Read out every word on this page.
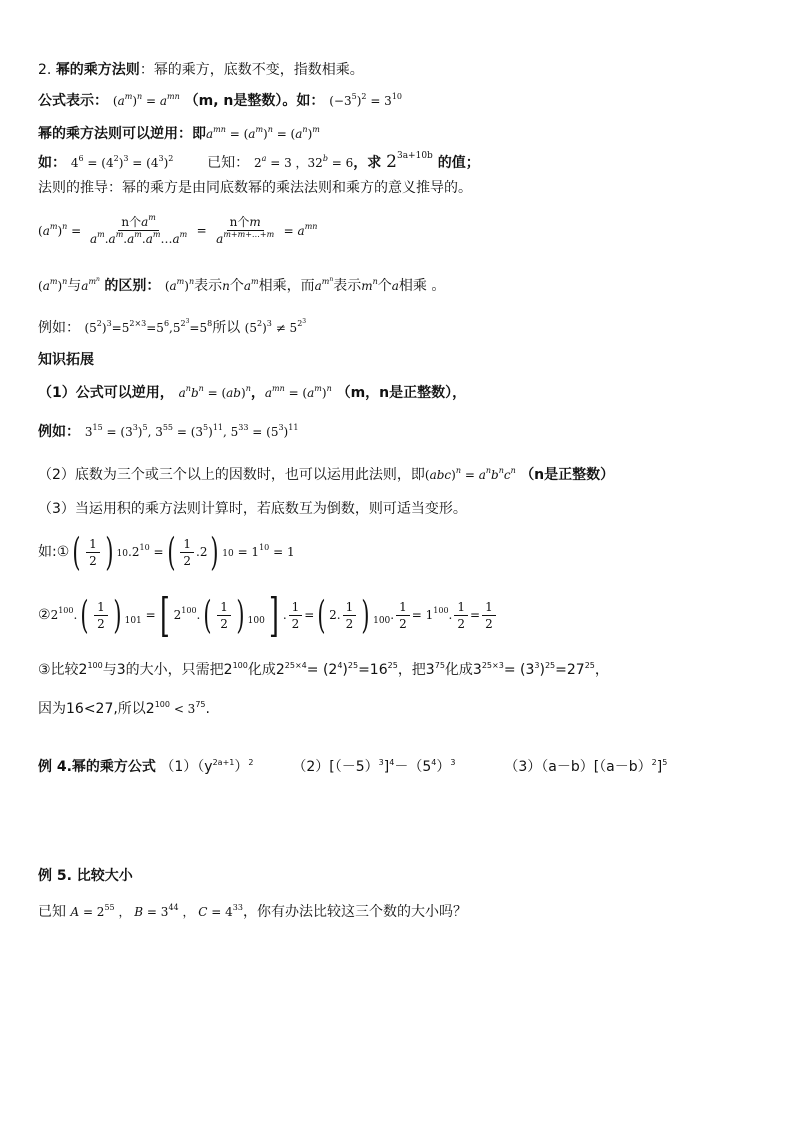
2. 幂的乘方法则：幂的乘方，底数不变，指数相乘。
公式表示： $(a^m)^n = a^{mn}$ （m, n是整数）。如： $(-3^5)^2 = 3^{10}$
幂的乘方法则可以逆用：即$a^{mn} = (a^m)^n = (a^n)^m$
如： $4^6 = (4^2)^3 = (4^3)^2$ 已知： $2^a = 3$ ，$32^b = 6$，求 $2^{3a+10b}$ 的值；
法则的推导：幂的乘方是由同底数幂的乘法法则和乘方的意义推导的。
$(a^m)^n = \frac{n个a^m}{a^m.a^m.a^m.a^m\dots a^m} = \frac{\text{n个m}}{a^{m+m+\dots+m}} = a^{mn}$
$(a^m)^n$与$a^{m^n}$ 的区别： $(a^m)^n$表示n个$a^m$相乘，而$a^{m^n}$表示$m^n$个a相乘 。
例如： $(5^2)^3=5^{2\times 3}=5^6,5^{2^3}=5^8$所以 $(5^2)^3 \ne 5^{2^3}$
知识拓展
（1）公式可以逆用， $a^nb^n = (ab)^n$，$a^{mn} = (a^m)^n$ （m，n是正整数），
例如： $3^{15} = (3^3)^5$, $3^{55} = (3^5)^{11}$, $5^{33} = (5^3)^{11}$
（2）底数为三个或三个以上的因数时，也可以运用此法则，即$(abc)^n = a^nb^nc^n$ （n是正整数）
（3）当运用积的乘方法则计算时，若底数互为倒数，则可适当变形。
如: ① ( $\frac{1}{2}$ ) 10 $.2^{10}$ = ( $\frac{1}{2} .2$ ) $10 = 1^{10} = 1$
② $2^{100}$. ( $\frac{1}{2}$ ) 101 = [ $2^{100}$. ( $\frac{1}{2}$ ) 100 ] . $\frac{1}{2}$ = ( 2. $\frac{1}{2}$ ) 100 . $\frac{1}{2} = 1^{100}$. $\frac{1}{2} = \frac{1}{2}$
③比较$2^{100}$与3的大小，只需把$2^{100}$化成$2^{25\times 4}= (2^4)^{25}=16^{25}$，把$3^{75}$化成$3^{25\times 3}= (3^3)^{25}=27^{25}$，
因为16<27,所以$2^{100} < 3^{75}$.
例 4.幂的乘方公式 $(1)(y^{2a+1})^2$	$(2)[(-5)^3]^4-(5^4)^3$	$(3)(a-b)[(a-b)^2]^5$
例 5. 比较大小
已知 $A = 2^{55}$ ， $B = 3^{44}$ ， $C = 4^{33}$，你有办法比较这三个数的大小吗？
